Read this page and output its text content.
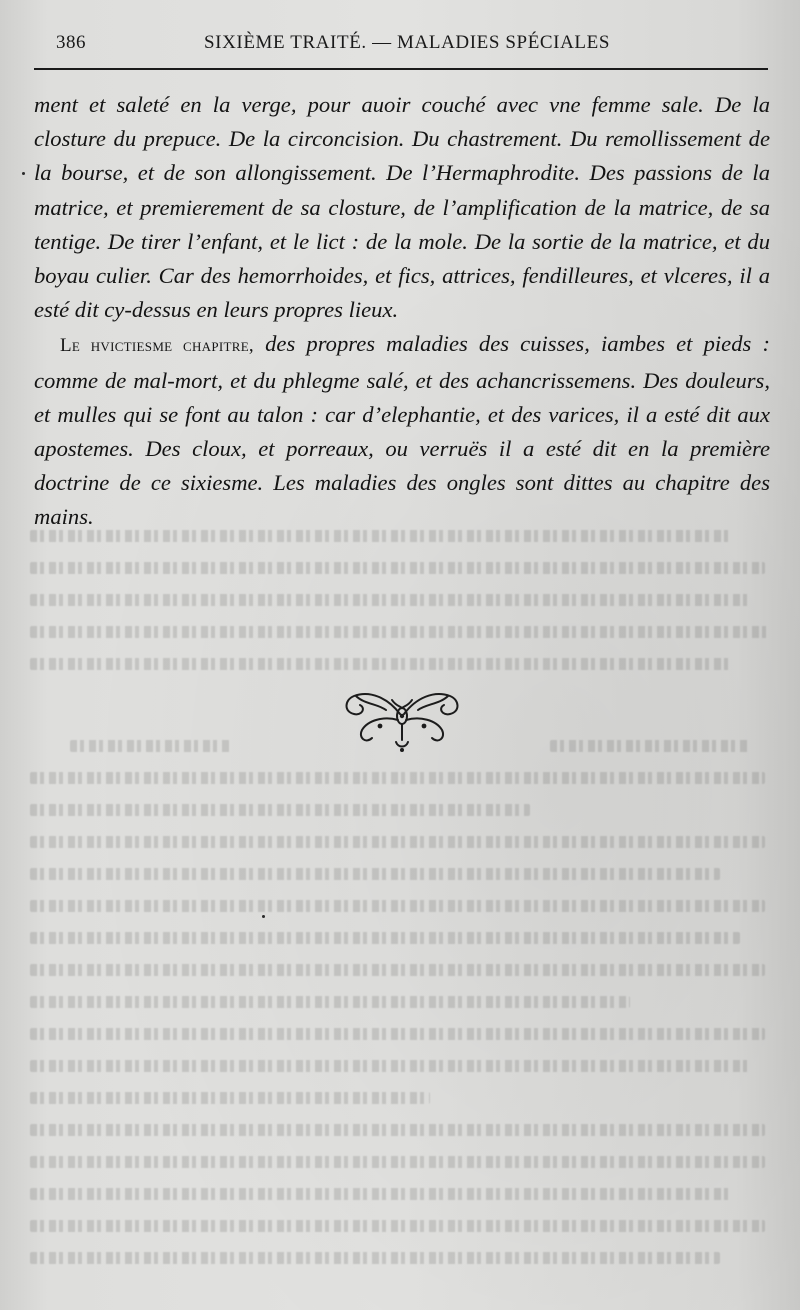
386	SIXIÈME TRAITÉ. — MALADIES SPÉCIALES

ment et saleté en la verge, pour auoir couché avec vne femme sale. De la closture du prepuce. De la circoncision. Du chastrement. Du remollissement de la bourse, et de son allongissement. De l’Hermaphrodite. Des passions de la matrice, et premierement de sa closture, de l’amplification de la matrice, de sa tentige. De tirer l’enfant, et le lict : de la mole. De la sortie de la matrice, et du boyau culier. Car des hemorrhoides, et fics, attrices, fendilleures, et vlceres, il a esté dit cy-dessus en leurs propres lieux.

Le hvictiesme chapitre, des propres maladies des cuisses, iambes et pieds : comme de mal-mort, et du phlegme salé, et des achancrissemens. Des douleurs, et mulles qui se font au talon : car d’elephantie, et des varices, il a esté dit aux apostemes. Des cloux, et porreaux, ou verruës il a esté dit en la première doctrine de ce sixiesme. Les maladies des ongles sont dittes au chapitre des mains.
